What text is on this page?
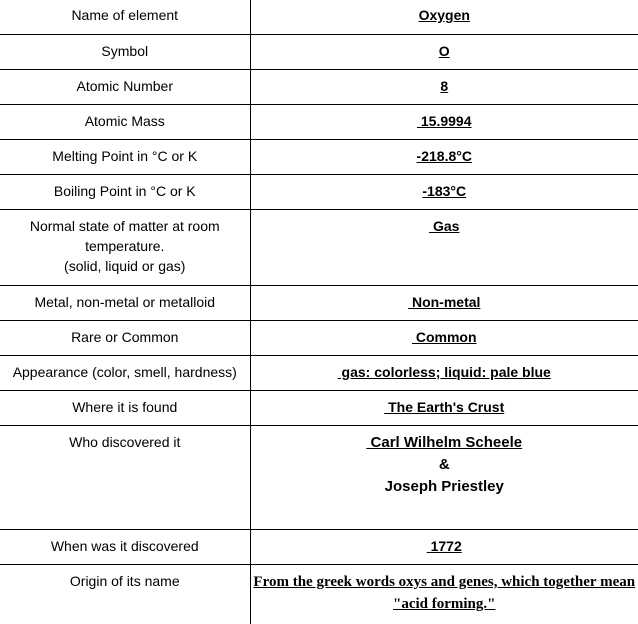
Name of element	Oxygen

Symbol	O

Atomic Number	8

Atomic Mass	15.9994

Melting Point in °C or K	-218.8°C

Boiling Point in °C or K	-183°C

Normal state of matter at room
temperature.
(solid, liquid or gas)	Gas

Metal, non-metal or metalloid	Non-metal

Rare or Common	Common

Appearance (color, smell, hardness)	gas: colorless; liquid: pale blue

Where it is found	The Earth's Crust

Who discovered it	Carl Wilhelm Scheele
&
Joseph Priestley

When was it discovered	1772

Origin of its name	From the greek words oxys and genes, which together mean "acid forming."
